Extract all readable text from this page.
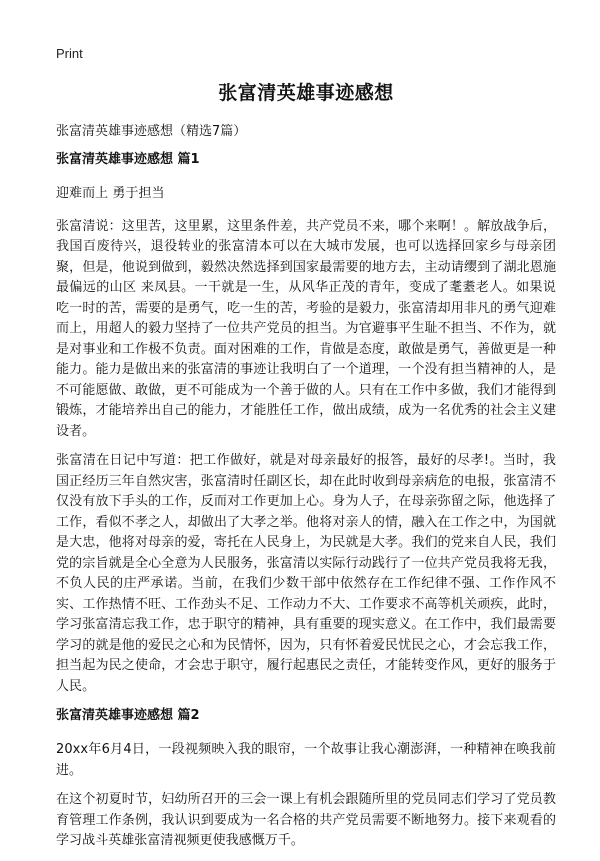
Print
张富清英雄事迹感想

张富清英雄事迹感想（精选7篇）

张富清英雄事迹感想 篇1

迎难而上 勇于担当

张富清说：这里苦，这里累，这里条件差，共产党员不来，哪个来啊！。解放战争后，我国百废待兴，退役转业的张富清本可以在大城市发展，也可以选择回家乡与母亲团聚，但是，他说到做到，毅然决然选择到国家最需要的地方去，主动请缨到了湖北恩施最偏远的山区 来凤县。一干就是一生，从风华正茂的青年，变成了耄耋老人。如果说吃一时的苦，需要的是勇气，吃一生的苦，考验的是毅力，张富清却用非凡的勇气迎难而上，用超人的毅力坚持了一位共产党员的担当。为官避事平生耻不担当、不作为，就是对事业和工作极不负责。面对困难的工作，肯做是态度，敢做是勇气，善做更是一种能力。能力是做出来的张富清的事迹让我明白了一个道理，一个没有担当精神的人，是不可能愿做、敢做，更不可能成为一个善于做的人。只有在工作中多做，我们才能得到锻炼，才能培养出自己的能力，才能胜任工作，做出成绩，成为一名优秀的社会主义建设者。

张富清在日记中写道：把工作做好，就是对母亲最好的报答，最好的尽孝!。当时，我国正经历三年自然灾害，张富清时任副区长，却在此时收到母亲病危的电报，张富清不仅没有放下手头的工作，反而对工作更加上心。身为人子，在母亲弥留之际，他选择了工作，看似不孝之人，却做出了大孝之举。他将对亲人的情，融入在工作之中，为国就是大忠，他将对母亲的爱，寄托在人民身上，为民就是大孝。我们的党来自人民，我们党的宗旨就是全心全意为人民服务，张富清以实际行动践行了一位共产党员我将无我，不负人民的庄严承诺。当前，在我们少数干部中依然存在工作纪律不强、工作作风不实、工作热情不旺、工作劲头不足、工作动力不大、工作要求不高等机关顽疾，此时，学习张富清忘我工作，忠于职守的精神，具有重要的现实意义。在工作中，我们最需要学习的就是他的爱民之心和为民情怀，因为，只有怀着爱民忧民之心，才会忘我工作，担当起为民之使命，才会忠于职守，履行起惠民之责任，才能转变作风，更好的服务于人民。

张富清英雄事迹感想 篇2

20xx年6月4日，一段视频映入我的眼帘，一个故事让我心潮澎湃，一种精神在唤我前进。

在这个初夏时节，妇幼所召开的三会一课上有机会跟随所里的党员同志们学习了党员教育管理工作条例，我认识到要成为一名合格的共产党员需要不断地努力。接下来观看的学习战斗英雄张富清视频更使我感慨万千。
